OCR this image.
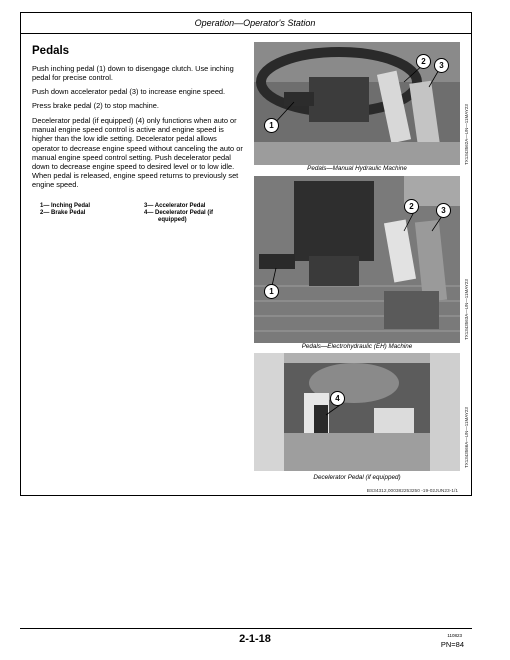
Operation—Operator's Station
Pedals

Push inching pedal (1) down to disengage clutch. Use inching pedal for precise control.

Push down accelerator pedal (3) to increase engine speed.

Press brake pedal (2) to stop machine.

Decelerator pedal (if equipped) (4) only functions when auto or manual engine speed control is active and engine speed is higher than the low idle setting. Decelerator pedal allows operator to decrease engine speed without canceling the auto or manual engine speed control setting. Push decelerator pedal down to decrease engine speed to desired level or to low idle. When pedal is released, engine speed returns to previously set engine speed.

1— Inching Pedal
2— Brake Pedal
3— Accelerator Pedal
4— Decelerator Pedal (if
equipped)
1
2	3
Pedals—Manual Hydraulic Machine
TX1343562A—UN—11MAY23
1
2	3
Pedals—Electrohydraulic (EH) Machine
TX1343563A—UN—11MAY23
4
Decelerator Pedal (if equipped)
TX1343566A—UN—11MAY23
BS34312,000382253250 -19-02JUN23-1/1
2-1-18	110823
PN=84
